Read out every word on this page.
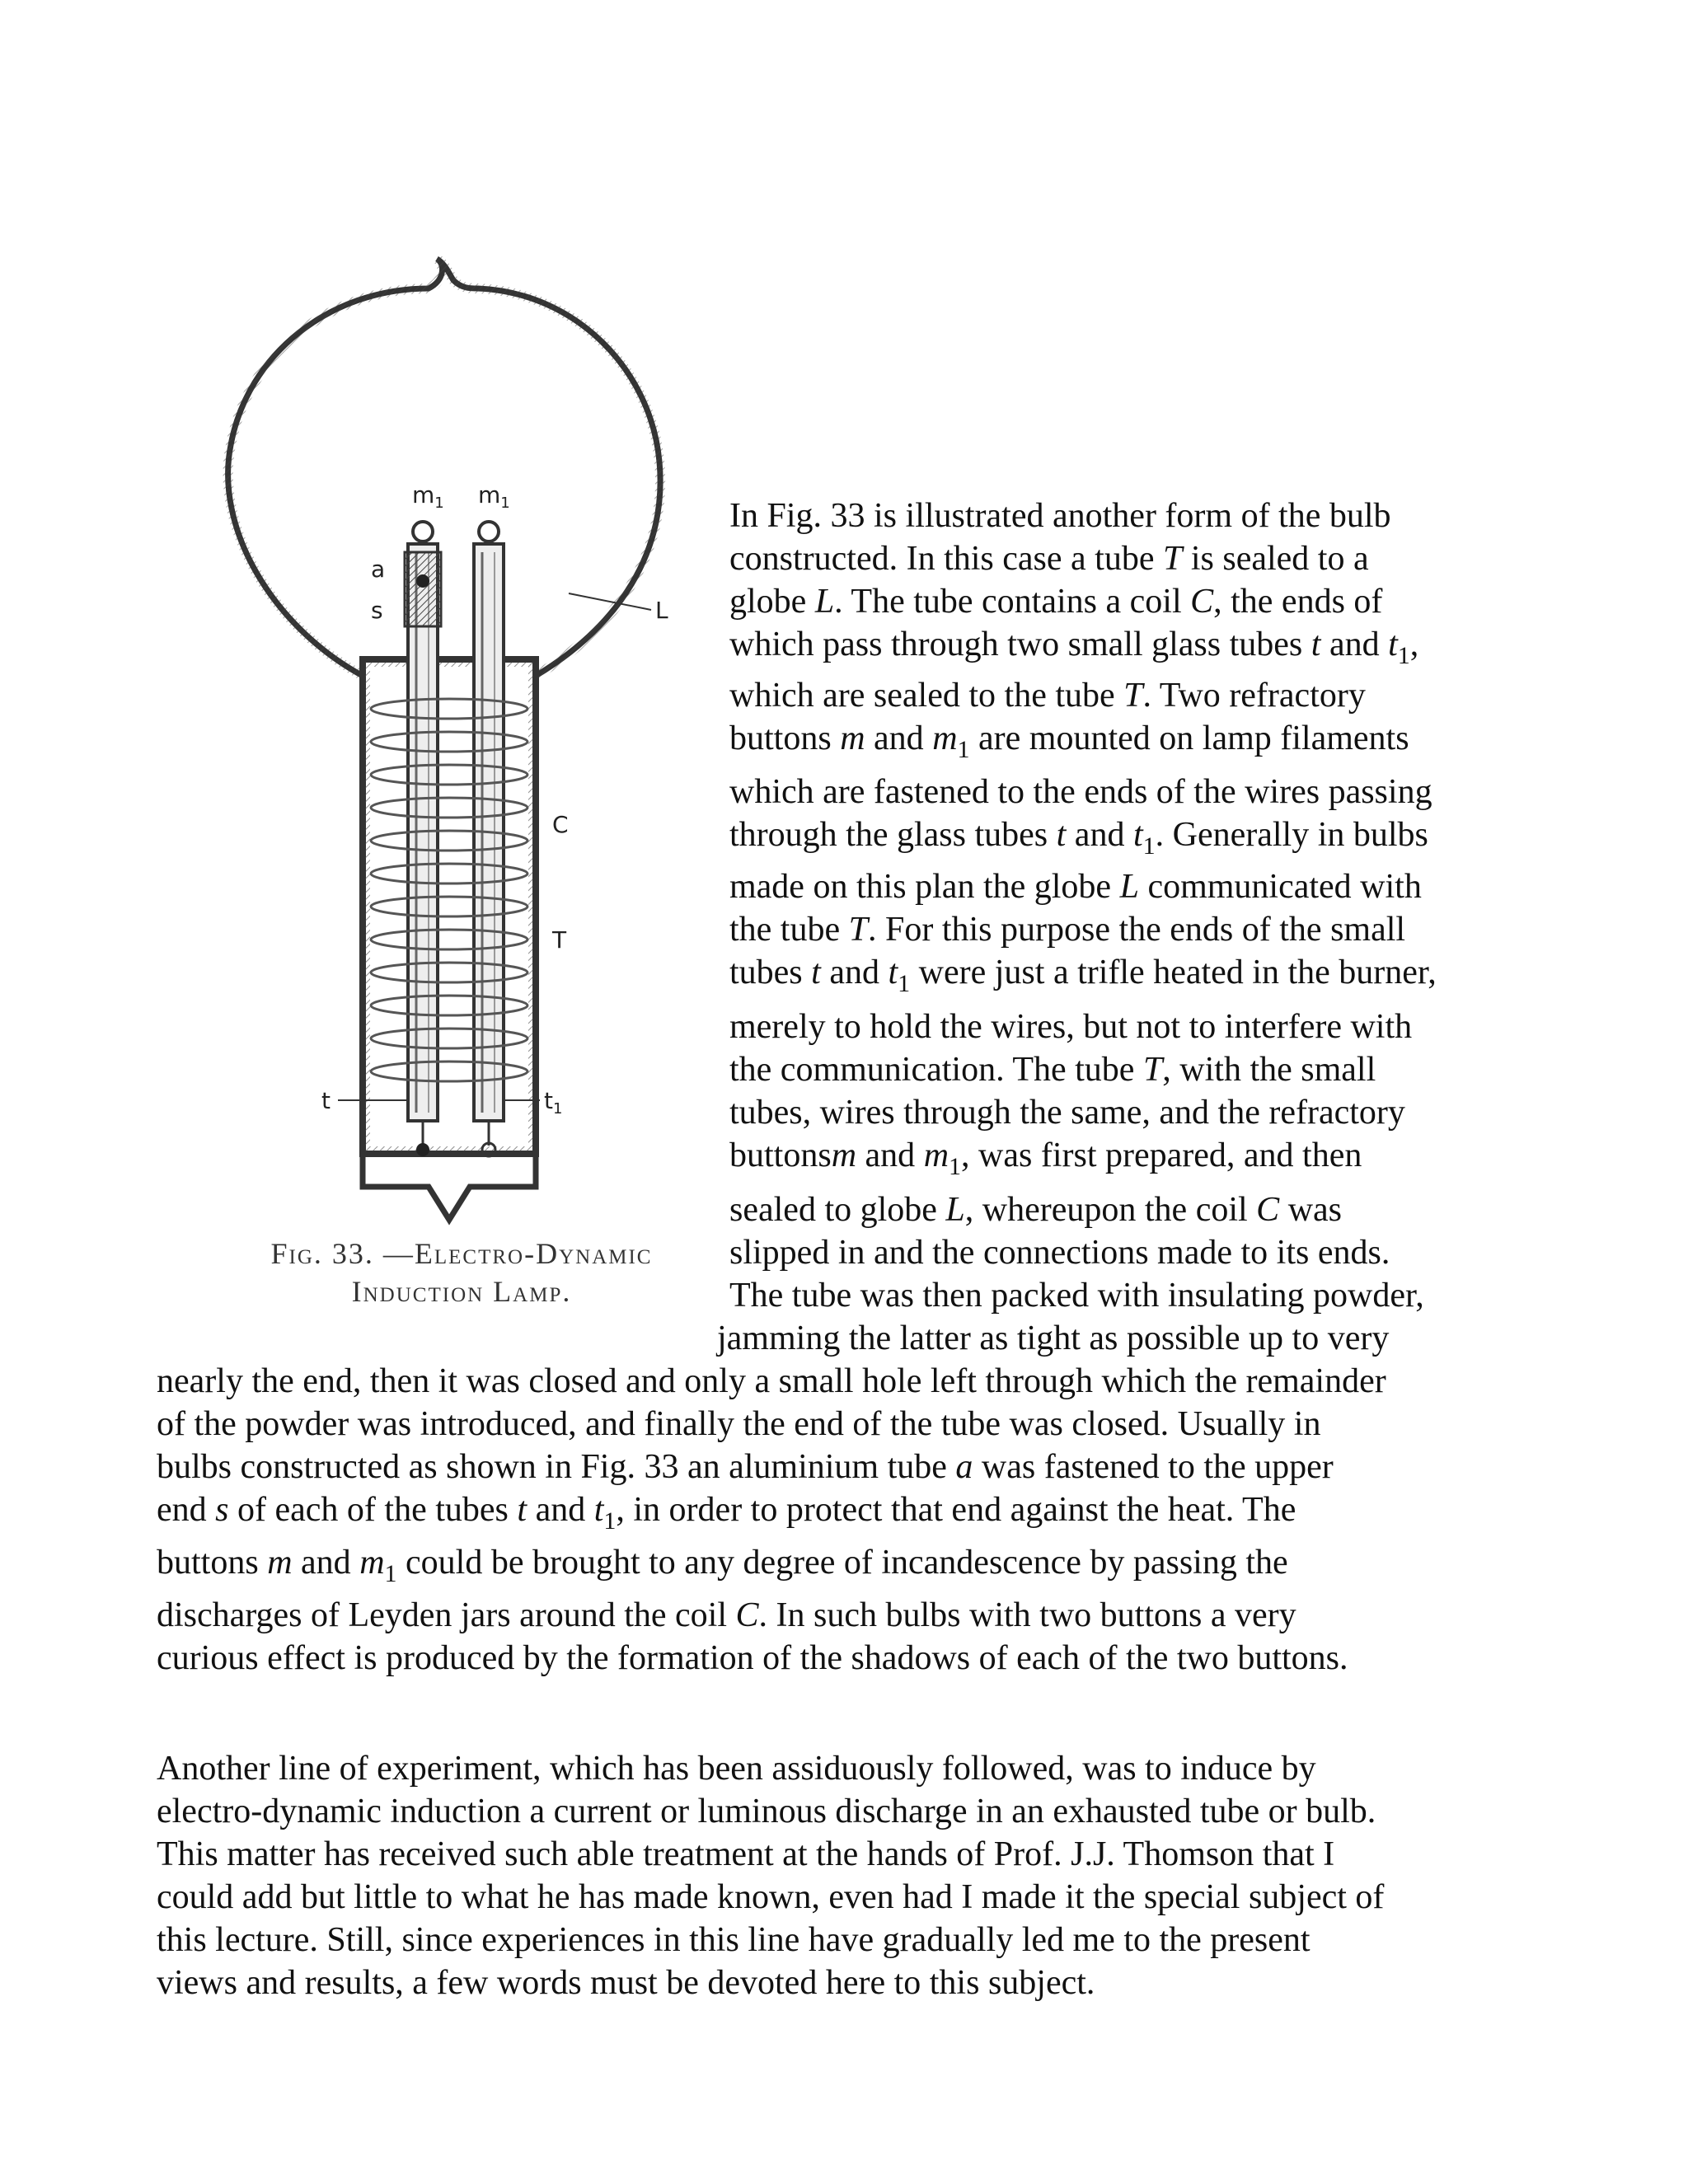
$m_1$ $m_1$
a
s	L
C
T
t	$t_1$
Fig. 33. —Electro-Dynamic
Induction Lamp.
In Fig. 33 is illustrated another form of the bulb
constructed. In this case a tube T is sealed to a
globe L. The tube contains a coil C, the ends of
which pass through two small glass tubes t and $t_1$,
which are sealed to the tube T. Two refractory
buttons m and $m_1$ are mounted on lamp filaments
which are fastened to the ends of the wires passing
through the glass tubes t and $t_1$. Generally in bulbs
made on this plan the globe L communicated with
the tube T. For this purpose the ends of the small
tubes t and $t_1$ were just a trifle heated in the burner,
merely to hold the wires, but not to interfere with
the communication. The tube T, with the small
tubes, wires through the same, and the refractory
buttonsm and $m_1$, was first prepared, and then
sealed to globe L, whereupon the coil C was
slipped in and the connections made to its ends.
The tube was then packed with insulating powder,
jamming the latter as tight as possible up to very
nearly the end, then it was closed and only a small hole left through which the remainder
of the powder was introduced, and finally the end of the tube was closed. Usually in
bulbs constructed as shown in Fig. 33 an aluminium tube a was fastened to the upper
end s of each of the tubes t and $t_1$, in order to protect that end against the heat. The
buttons m and $m_1$ could be brought to any degree of incandescence by passing the
discharges of Leyden jars around the coil C. In such bulbs with two buttons a very
curious effect is produced by the formation of the shadows of each of the two buttons.
Another line of experiment, which has been assiduously followed, was to induce by
electro-dynamic induction a current or luminous discharge in an exhausted tube or bulb.
This matter has received such able treatment at the hands of Prof. J.J. Thomson that I
could add but little to what he has made known, even had I made it the special subject of
this lecture. Still, since experiences in this line have gradually led me to the present
views and results, a few words must be devoted here to this subject.
